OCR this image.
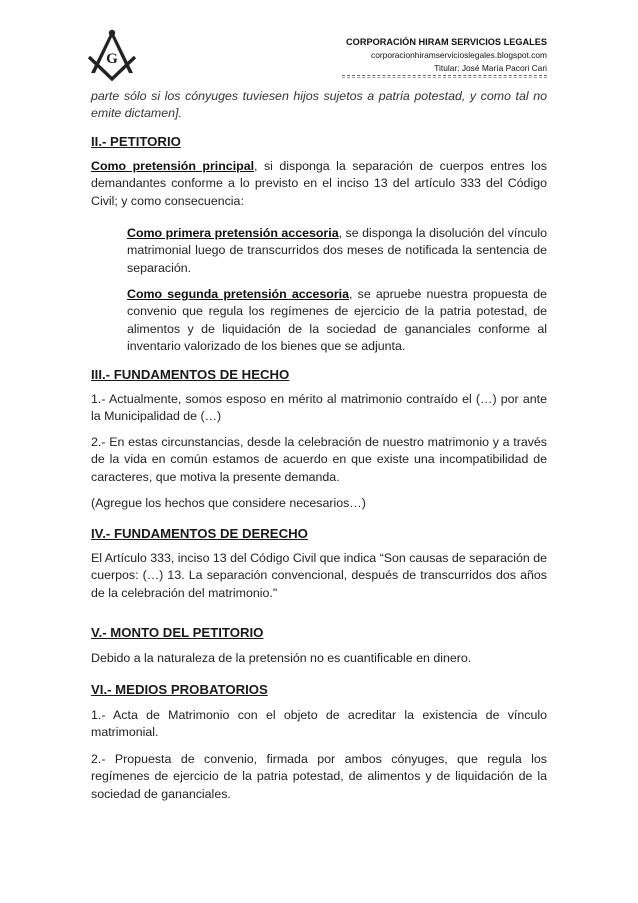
G
CORPORACIÓN HIRAM SERVICIOS LEGALES
corporacionhiramservicioslegales.blogspot.com
Titular: José María Pacori Cari
parte sólo si los cónyuges tuviesen hijos sujetos a patria potestad, y como tal no emite dictamen].
II.- PETITORIO
Como pretensión principal, si disponga la separación de cuerpos entres los demandantes conforme a lo previsto en el inciso 13 del artículo 333 del Código Civil; y como consecuencia:
Como primera pretensión accesoria, se disponga la disolución del vínculo matrimonial luego de transcurridos dos meses de notificada la sentencia de separación.
Como segunda pretensión accesoria, se apruebe nuestra propuesta de convenio que regula los regímenes de ejercicio de la patria potestad, de alimentos y de liquidación de la sociedad de gananciales conforme al inventario valorizado de los bienes que se adjunta.
III.- FUNDAMENTOS DE HECHO
1.- Actualmente, somos esposo en mérito al matrimonio contraído el (…) por ante la Municipalidad de (…)
2.- En estas circunstancias, desde la celebración de nuestro matrimonio y a través de la vida en común estamos de acuerdo en que existe una incompatibilidad de caracteres, que motiva la presente demanda.
(Agregue los hechos que considere necesarios…)
IV.- FUNDAMENTOS DE DERECHO
El Artículo 333, inciso 13 del Código Civil que indica “Son causas de separación de cuerpos: (…) 13. La separación convencional, después de transcurridos dos años de la celebración del matrimonio."
V.- MONTO DEL PETITORIO
Debido a la naturaleza de la pretensión no es cuantificable en dinero.
VI.- MEDIOS PROBATORIOS
1.- Acta de Matrimonio con el objeto de acreditar la existencia de vínculo matrimonial.
2.- Propuesta de convenio, firmada por ambos cónyuges, que regula los regímenes de ejercicio de la patria potestad, de alimentos y de liquidación de la sociedad de gananciales.
